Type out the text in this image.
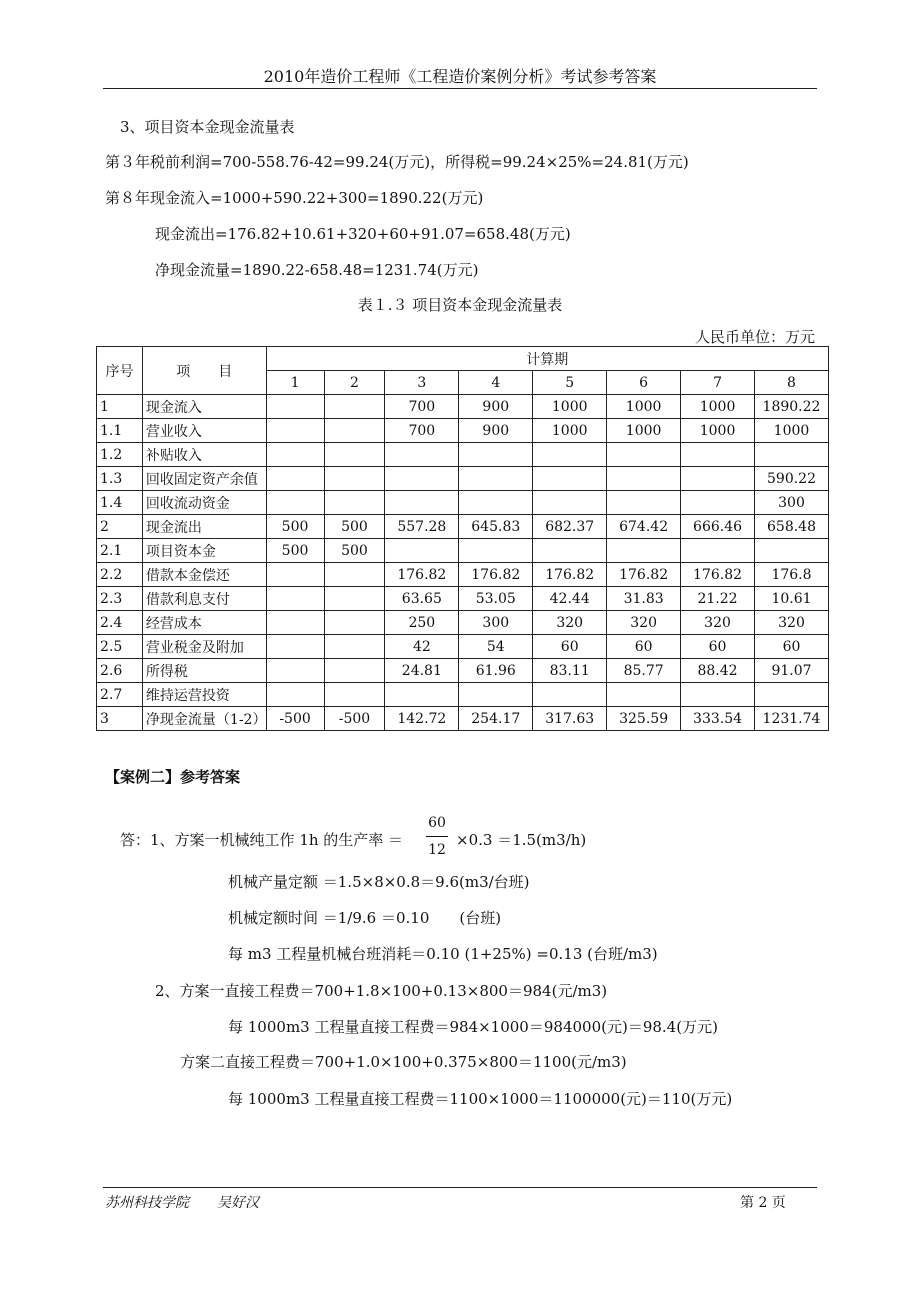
2010年造价工程师《工程造价案例分析》考试参考答案
3、项目资本金现金流量表
第３年税前利润=700-558.76-42=99.24(万元)，所得税=99.24×25%=24.81(万元)
第８年现金流入=1000+590.22+300=1890.22(万元)
现金流出=176.82+10.61+320+60+91.07=658.48(万元)
净现金流量=1890.22-658.48=1231.74(万元)
表１.３ 项目资本金现金流量表
人民币单位：万元
序号	项　　目	计算期							
		1	2	3	4	5	6	7	8
1	现金流入			700	900	1000	1000	1000	1890.22
1.1	营业收入			700	900	1000	1000	1000	1000
1.2	补贴收入								
1.3	回收固定资产余值								590.22
1.4	回收流动资金								300
2	现金流出	500	500	557.28	645.83	682.37	674.42	666.46	658.48
2.1	项目资本金	500	500						
2.2	借款本金偿还			176.82	176.82	176.82	176.82	176.82	176.8
2.3	借款利息支付			63.65	53.05	42.44	31.83	21.22	10.61
2.4	经营成本			250	300	320	320	320	320
2.5	营业税金及附加			42	54	60	60	60	60
2.6	所得税			24.81	61.96	83.11	85.77	88.42	91.07
2.7	维持运营投资								
3	净现金流量（1-2）	-500	-500	142.72	254.17	317.63	325.59	333.54	1231.74
【案例二】参考答案
答：1、方案一机械纯工作 1h 的生产率 ＝
60
12
×0.3 ＝1.5(m3/h)
机械产量定额 ＝1.5×8×0.8＝9.6(m3/台班)
机械定额时间 ＝1/9.6 ＝0.10　　(台班)
每 m3 工程量机械台班消耗＝0.10 (1+25%) =0.13 (台班/m3)
2、方案一直接工程费＝700+1.8×100+0.13×800＝984(元/m3)
每 1000m3 工程量直接工程费＝984×1000＝984000(元)＝98.4(万元)
方案二直接工程费＝700+1.0×100+0.375×800＝1100(元/m3)
每 1000m3 工程量直接工程费＝1100×1000＝1100000(元)＝110(万元)
苏州科技学院　　吴好汉	第 2 页
